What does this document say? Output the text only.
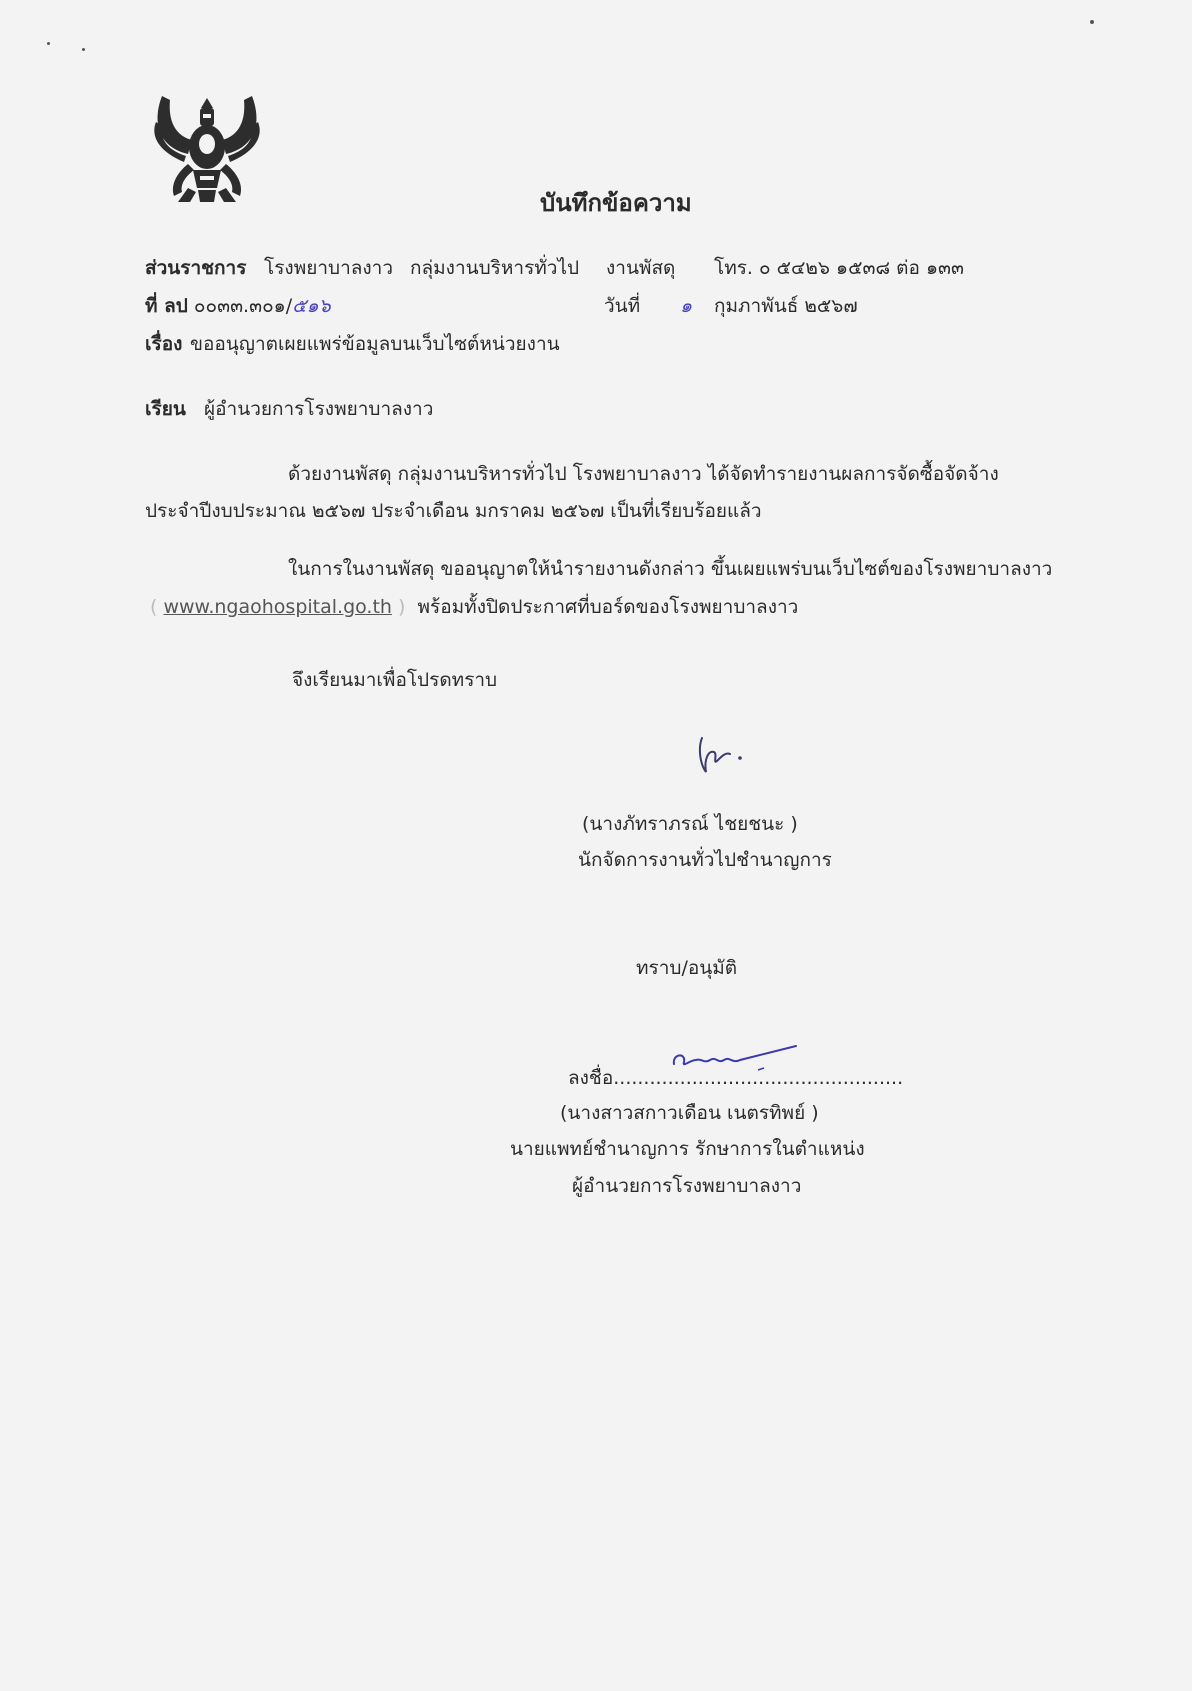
บันทึกข้อความ
ส่วนราชการ โรงพยาบาลงาว กลุ่มงานบริหารทั่วไป งานพัสดุ โทร. ๐ ๕๔๒๖ ๑๕๓๘ ต่อ ๑๓๓
ที่ ลป ๐๐๓๓.๓๐๑/๕๑๖	วันที่ ๑ กุมภาพันธ์ ๒๕๖๗
เรื่อง ขออนุญาตเผยแพร่ข้อมูลบนเว็บไซต์หน่วยงาน
เรียน ผู้อำนวยการโรงพยาบาลงาว
ด้วยงานพัสดุ กลุ่มงานบริหารทั่วไป โรงพยาบาลงาว ได้จัดทำรายงานผลการจัดซื้อจัดจ้าง
ประจำปีงบประมาณ ๒๕๖๗ ประจำเดือน มกราคม ๒๕๖๗ เป็นที่เรียบร้อยแล้ว
ในการในงานพัสดุ ขออนุญาตให้นำรายงานดังกล่าว ขึ้นเผยแพร่บนเว็บไซต์ของโรงพยาบาลงาว
( www.ngaohospital.go.th ) พร้อมทั้งปิดประกาศที่บอร์ดของโรงพยาบาลงาว
จึงเรียนมาเพื่อโปรดทราบ
(นางภัทราภรณ์ ไชยชนะ )
นักจัดการงานทั่วไปชำนาญการ
ทราบ/อนุมัติ
ลงชื่อ................................................
(นางสาวสกาวเดือน เนตรทิพย์ )
นายแพทย์ชำนาญการ รักษาการในตำแหน่ง
ผู้อำนวยการโรงพยาบาลงาว
